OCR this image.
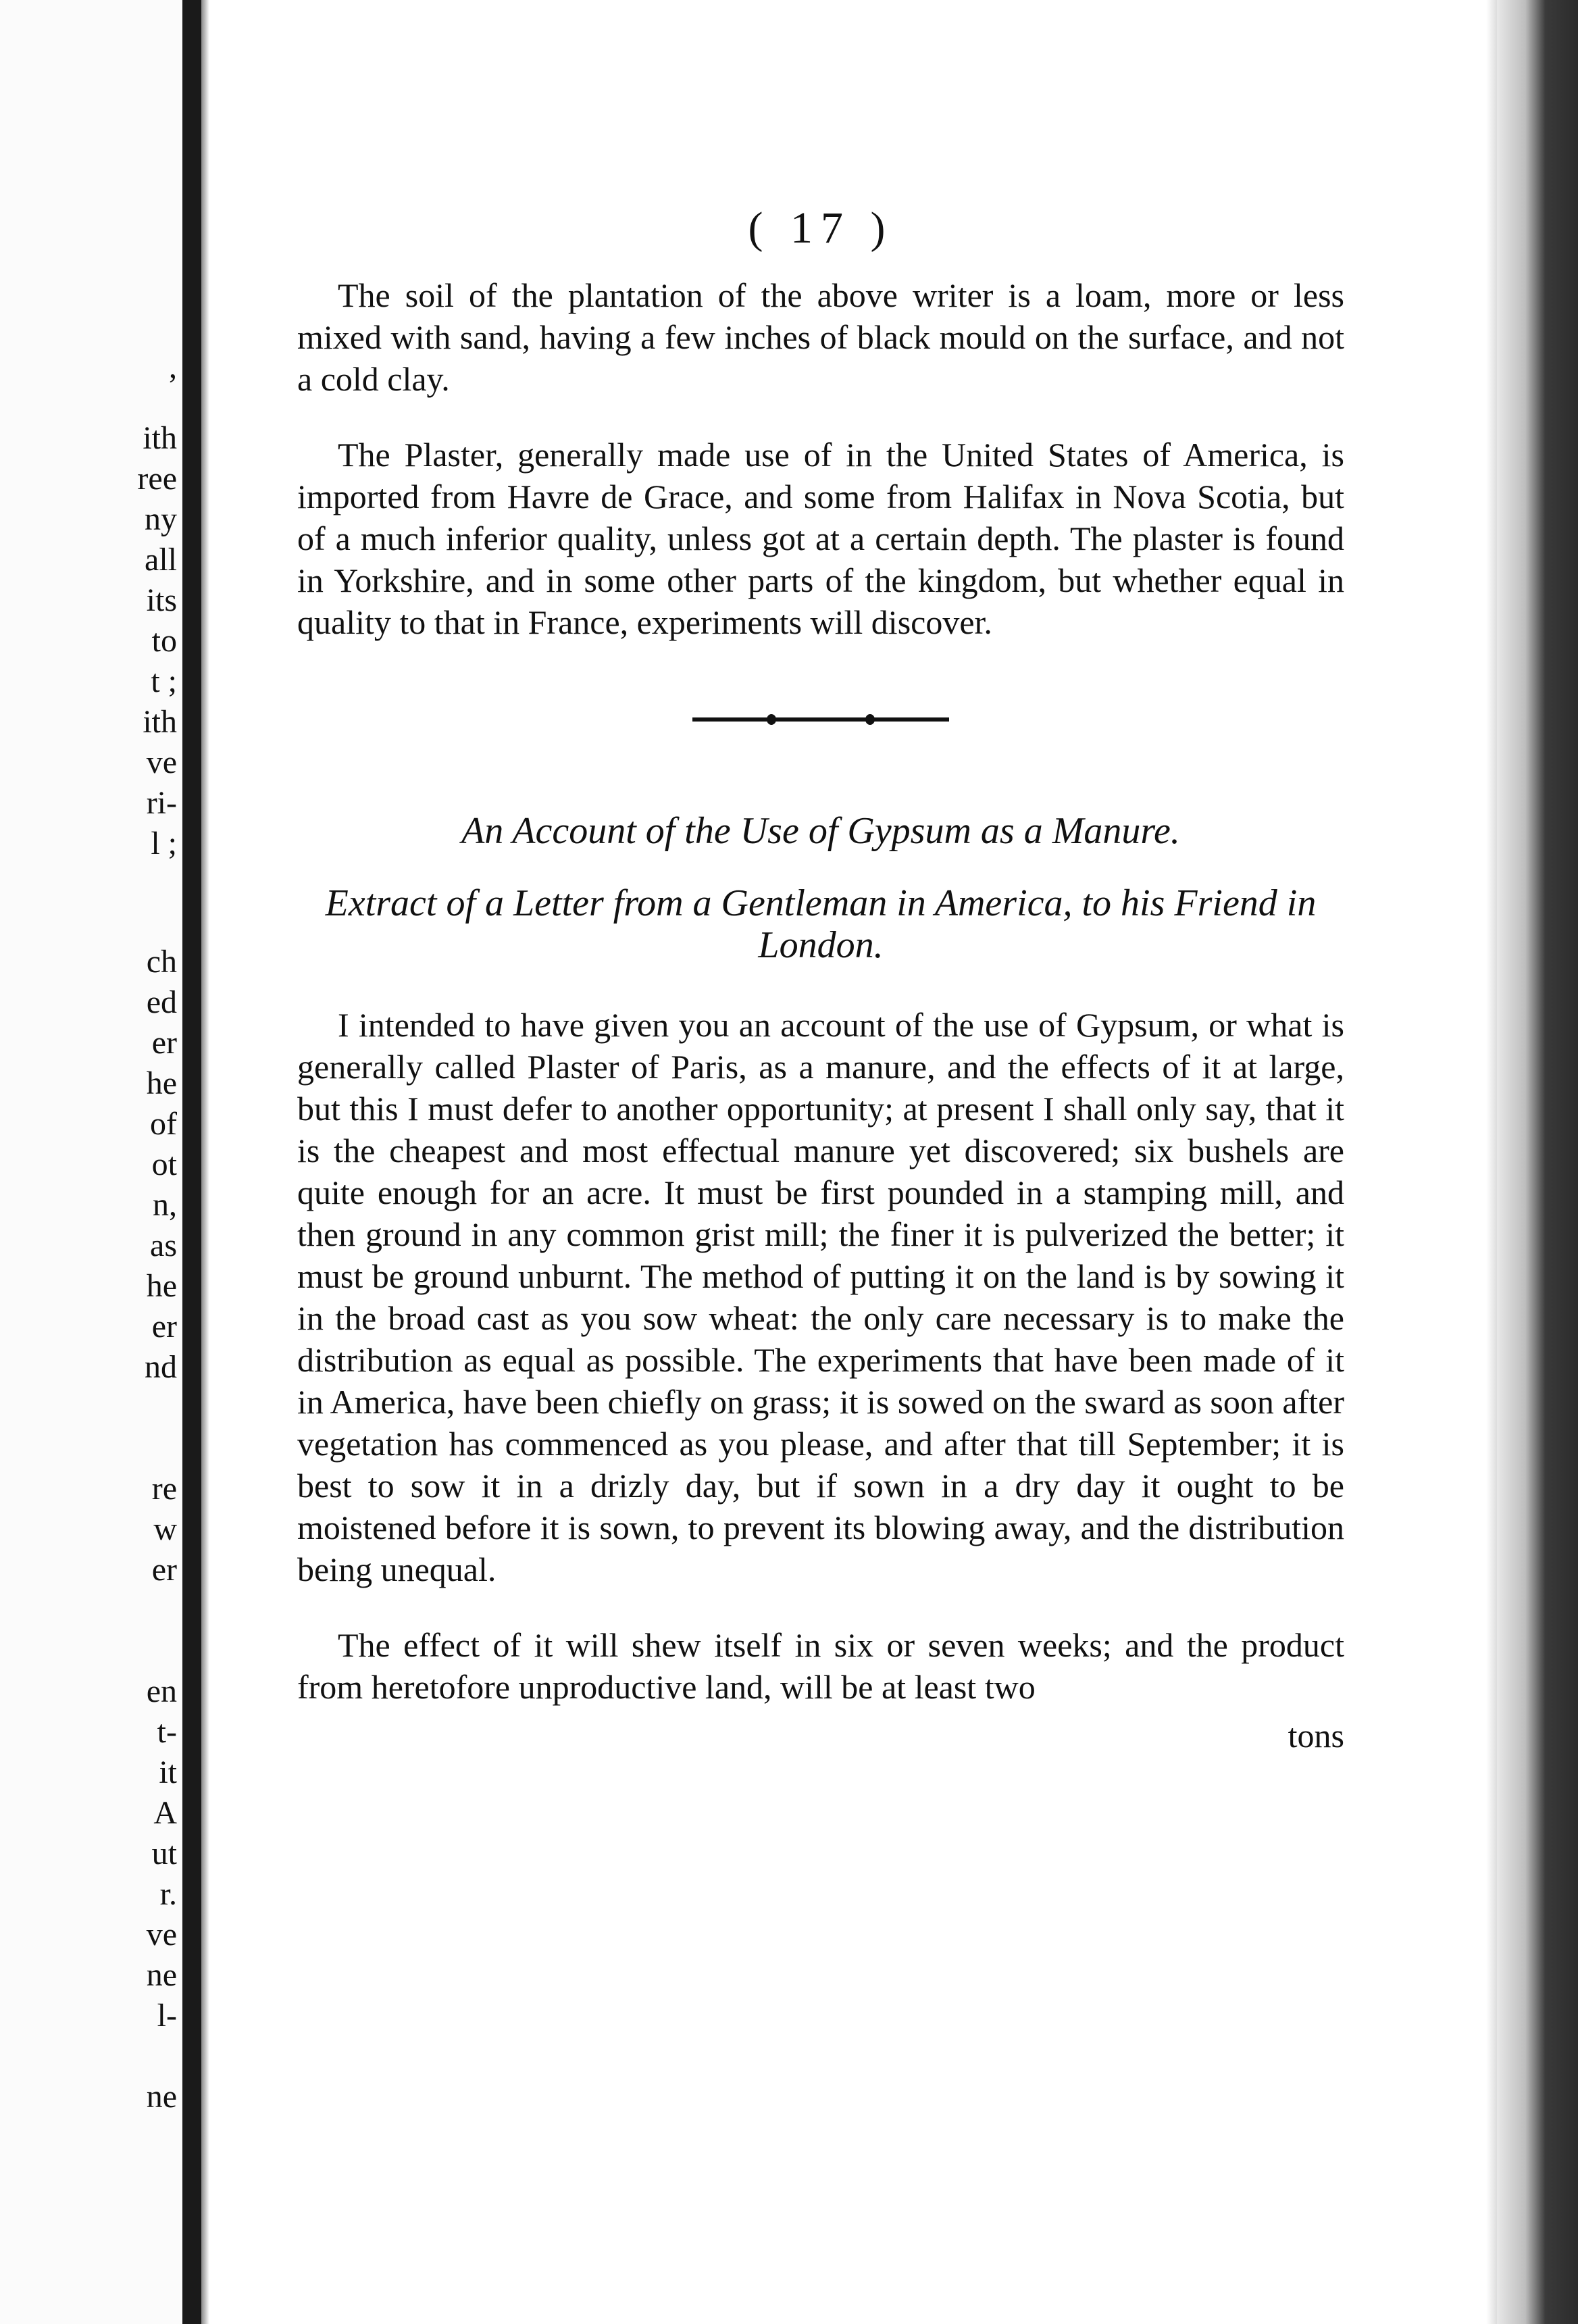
,
ith
ree
ny
all
its
to
t ;
ith
ve
ri-
l ;
ch
ed
er
he
of
ot
n,
as
he
er
nd
re
w
er
en
t-
it
A
ut
r.
ve
ne
l-
ne
( 17 )

The soil of the plantation of the above writer is a loam, more or less mixed with sand, having a few inches of black mould on the surface, and not a cold clay.

The Plaster, generally made use of in the United States of America, is imported from Havre de Grace, and some from Halifax in Nova Scotia, but of a much inferior quality, unless got at a certain depth. The plaster is found in Yorkshire, and in some other parts of the kingdom, but whether equal in quality to that in France, experiments will discover.

An Account of the Use of Gypsum as a Manure.
Extract of a Letter from a Gentleman in America, to his Friend in London.

I intended to have given you an account of the use of Gypsum, or what is generally called Plaster of Paris, as a manure, and the effects of it at large, but this I must defer to another opportunity; at present I shall only say, that it is the cheapest and most effectual manure yet discovered; six bushels are quite enough for an acre. It must be first pounded in a stamping mill, and then ground in any common grist mill; the finer it is pulverized the better; it must be ground unburnt. The method of putting it on the land is by sowing it in the broad cast as you sow wheat: the only care necessary is to make the distribution as equal as possible. The experiments that have been made of it in America, have been chiefly on grass; it is sowed on the sward as soon after vegetation has commenced as you please, and after that till September; it is best to sow it in a drizly day, but if sown in a dry day it ought to be moistened before it is sown, to prevent its blowing away, and the distribution being unequal.

The effect of it will shew itself in six or seven weeks; and the product from heretofore unproductive land, will be at least two

tons
